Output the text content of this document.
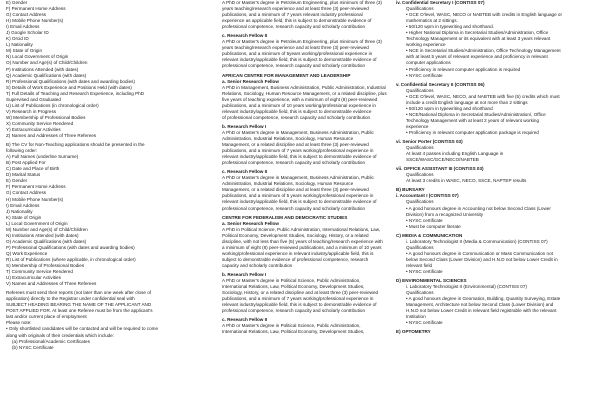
E) Gender
F) Permanent Home Address
G) Contact Address
H) Mobile Phone Number(s)
I) Email Address
J) Google Scholar ID
K) Orcid ID
L) Nationality
M) State of Origin
N) Local Government of Origin
O) Number and Age(s) of Child/Children
P) Institutions Attended (with dates)
Q) Academic Qualifications (with dates)
R) Professional Qualifications (with dates and awarding bodies)
S) Details of Work Experience and Positions Held (with dates)
T) Full Details of Teaching and Research Experience, including PhD
Supervised and Graduated
U) List of Publications (in chronological order)
V) Research in Progress
W) Membership of Professional Bodies
X) Community Service Rendered
Y) Extracurricular Activities
Z) Names and Addresses of Three Referees
B) The CV for Non-Teaching applications should be presented in the
following order:
A) Full Names (underline Surname)
B) Post Applied For
C) Date and Place of Birth
D) Marital Status
E) Gender
F) Permanent Home Address
G) Contact Address
H) Mobile Phone Number(s)
I) Email Address
J) Nationality
K) State of Origin
L) Local Government of Origin
M) Number and Age(s) of Child/Children
N) Institutions Attended (with dates)
O) Academic Qualifications (with dates)
P) Professional Qualifications (with dates and awarding bodies)
Q) Work Experience
R) List of Publications (where applicable, in chronological order)
S) Membership of Professional Bodies
T) Community Service Rendered
U) Extracurricular Activities
V) Names and Addresses of Three Referees
Referees must send their reports (not later than one week after close of
application) directly to the Registrar under confidential seal with
SUBJECT HEADING BEARING THE NAME OF THE APPLICANT AND
POST APPLIED FOR. At least one Referee must be from the applicant's
last and/or current place of employment
Please note:
• Only shortlisted candidates will be contacted and will be required to come
along with originals of their credentials which include:
(a) Professional/Academic Certificates
(b) NYSC Certificate
A PhD or Master's degree in Petroleum Engineering, plus minimum of three (3)
years teaching/research experience and at least three (3) peer-reviewed
publications, and a minimum of 7 years relevant industry professional
experience as applicable field, this is subject to demonstrable evidence of
professional competence, research capacity and scholarly contribution
c. Research Fellow II
A PhD or Master's degree in Petroleum Engineering, plus minimum of three (3)
years teaching/research experience and at least three (3) peer-reviewed
publications, and a minimum of 5years working/professional experience in
relevant industry/applicable field, this is subject to demonstrable evidence of
professional competence, research capacity and scholarly contribution
AFRICAN CENTRE FOR MANAGEMENT AND LEADERSHIP
a. Senior Research Fellow
A PhD in Management, Business Administration, Public Administration, Industrial
Relations, Sociology, Human Resource Management, or a related discipline, plus
five years of teaching experience, with a minimum of eight (8) peer-reviewed
publications, and a minimum of 10 years working/professional experience in
relevant industry/applicable field, this is subject to demonstrable evidence
of professional competence, research capacity and scholarly contribution
b. Research Fellow I
A PhD or Master's degree in Management, Business Administration, Public
Administration, Industrial Relations, Sociology, Human Resource
Management, or a related discipline and at least three (3) peer-reviewed
publications, and a minimum of 7 years working/professional experience in
relevant industry/applicable field, this is subject to demonstrable evidence of
professional competence, research capacity and scholarly contribution
c. Research Fellow II
A PhD or Master's degree in Management, Business Administration, Public
Administration, Industrial Relations, Sociology, Human Resource
Management, or a related discipline and at least three (3) peer-reviewed
publications, and a minimum of 5 years working/professional experience in
relevant industry/applicable field, this is subject to demonstrable evidence of
professional competence, research capacity and scholarly contribution
CENTRE FOR FEDERALISM AND DEMOCRATIC STUDIES
a. Senior Research Fellow
A PhD in Political Science, Public Administration, International Relations, Law,
Political Economy, Development Studies, Sociology, History, or a related
discipline, with not less than five (5) years of teaching/research experience with
a minimum of eight (8) peer-reviewed publications, and a minimum of 10 years
working/professional experience in relevant industry/applicable field, this is
subject to demonstrable evidence of professional competence, research
capacity and scholarly contribution
b. Research Fellow I
A PhD or Master's degree in Political Science, Public Administration,
International Relations, Law, Political Economy, Development Studies,
Sociology, History, or a related discipline and at least three (3) peer-reviewed
publications, and a minimum of 7 years working/professional experience in
relevant industry/applicable field, this is subject to demonstrable evidence of
professional competence, research capacity and scholarly contribution
c. Research Fellow II
A PhD or Master's degree in Political Science, Public Administration,
International Relations, Law, Political Economy, Development Studies,
iv. Confidential Secretary I (CONTISS 07)
Qualifications
• GCE O'level, WASC, NECO or NABTEB with credits in English language or
mathematics at 2 sittings.
• 50/120 wpm in typewriting and shorthand.
• Higher National Diploma in Secretarial Studies/Administration, Office
Technology Management or its equivalent with at least 3 years relevant
working experience
• NCE in Secretarial Studies/Administration, Office Technology Management
with at least 5 years of relevant experience and proficiency in relevant
computer applications
• Proficiency in relevant computer application is required
• NYSC certificate
v. Confidential Secretary II (CONTISS 06)
Qualifications
• GCE O'level, WASC, NECO, and NABTEB with five (5) credits which must
include a credit English language at not more than 2 sittings
• 50/120 wpm in typewriting and shorthand
• NCE/National Diploma in Secretarial Studies/Administration/, Office
Technology Management with at least 2 years of relevant working
experience
• Proficiency in relevant computer application package is required
vi. Senior Porter (CONTISS 03)
Qualifications
At least 4 passes including English Language in
SSCE/WASC/GCE/NECO/NABTEB
vii. OFFICE ASSISTANT III (CONTISS 03)
Qualifications
At least 3 credits in WAEC, NECO, SSCE, NAPTEP results
B) BURSARY
i. Accountant I (CONTISS 07)
Qualifications
• A good honours degree in Accounting not below Second Class (Lower
Division) from a recognized University
• NYSC certificate
• Must be computer literate
C) MEDIA & COMMUNICATION
i. Laboratory Technologist II (Media & Communication) (CONTISS 07)
Qualifications
• A good honours degree in Communication or Mass Communication not
below Second Class (Lower Division) and H.N.D not below Lower Credit in
relevant field
• NYSC certificate
D) ENVIRONMENTAL SCIENCES
i. Laboratory Technologist II (Environmental) (CONTISS 07)
Qualifications
• A good honours degree in Geomatics, Building, Quantity Surveying, Estate
Management, Architecture not below Second Class (Lower Division) and
H.N.D not below Lower Credit in relevant field registrable with the relevant
Institution
• NYSC certificate
E) OPTOMETRY
